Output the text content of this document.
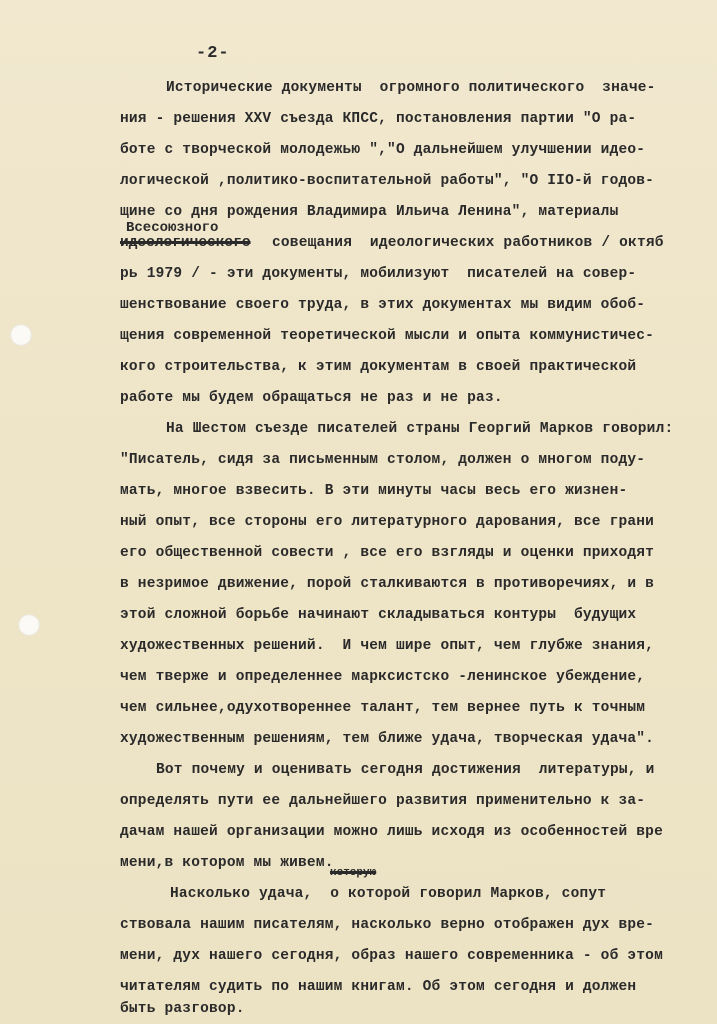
-2-
Всесоюзного
идеологического
которую
Исторические документы  огромного политического  значе-
ния - решения XXV съезда КПСС, постановления партии "О ра-
боте с творческой молодежью ","О дальнейшем улучшении идео-
логической ,политико-воспитательной работы", "О IIO-й годов-
щине со дня рождения Владимира Ильича Ленина", материалы
совещания  идеологических работников / октяб
рь 1979 / - эти документы, мобилизуют  писателей на совер-
шенствование своего труда, в этих документах мы видим обоб-
щения современной теоретической мысли и опыта коммунистичес-
кого строительства, к этим документам в своей практической
работе мы будем обращаться не раз и не раз.
На Шестом съезде писателей страны Георгий Марков говорил:
"Писатель, сидя за письменным столом, должен о многом поду-
мать, многое взвесить. В эти минуты часы весь его жизнен-
ный опыт, все стороны его литературного дарования, все грани
его общественной совести , все его взгляды и оценки приходят
в незримое движение, порой сталкиваются в противоречиях, и в
этой сложной борьбе начинают складываться контуры  будущих
художественных решений.  И чем шире опыт, чем глубже знания,
чем тверже и определеннее марксистско -ленинское убеждение,
чем сильнее,одухотвореннее талант, тем вернее путь к точным
художественным решениям, тем ближе удача, творческая удача".
Вот почему и оценивать сегодня достижения  литературы, и
определять пути ее дальнейшего развития применительно к за-
дачам нашей организации можно лишь исходя из особенностей вре
мени,в котором мы живем.
Насколько удача,  о которой говорил Марков, сопут
ствовала нашим писателям, насколько верно отображен дух вре-
мени, дух нашего сегодня, образ нашего современника - об этом
читателям судить по нашим книгам. Об этом сегодня и должен
быть разговор.
